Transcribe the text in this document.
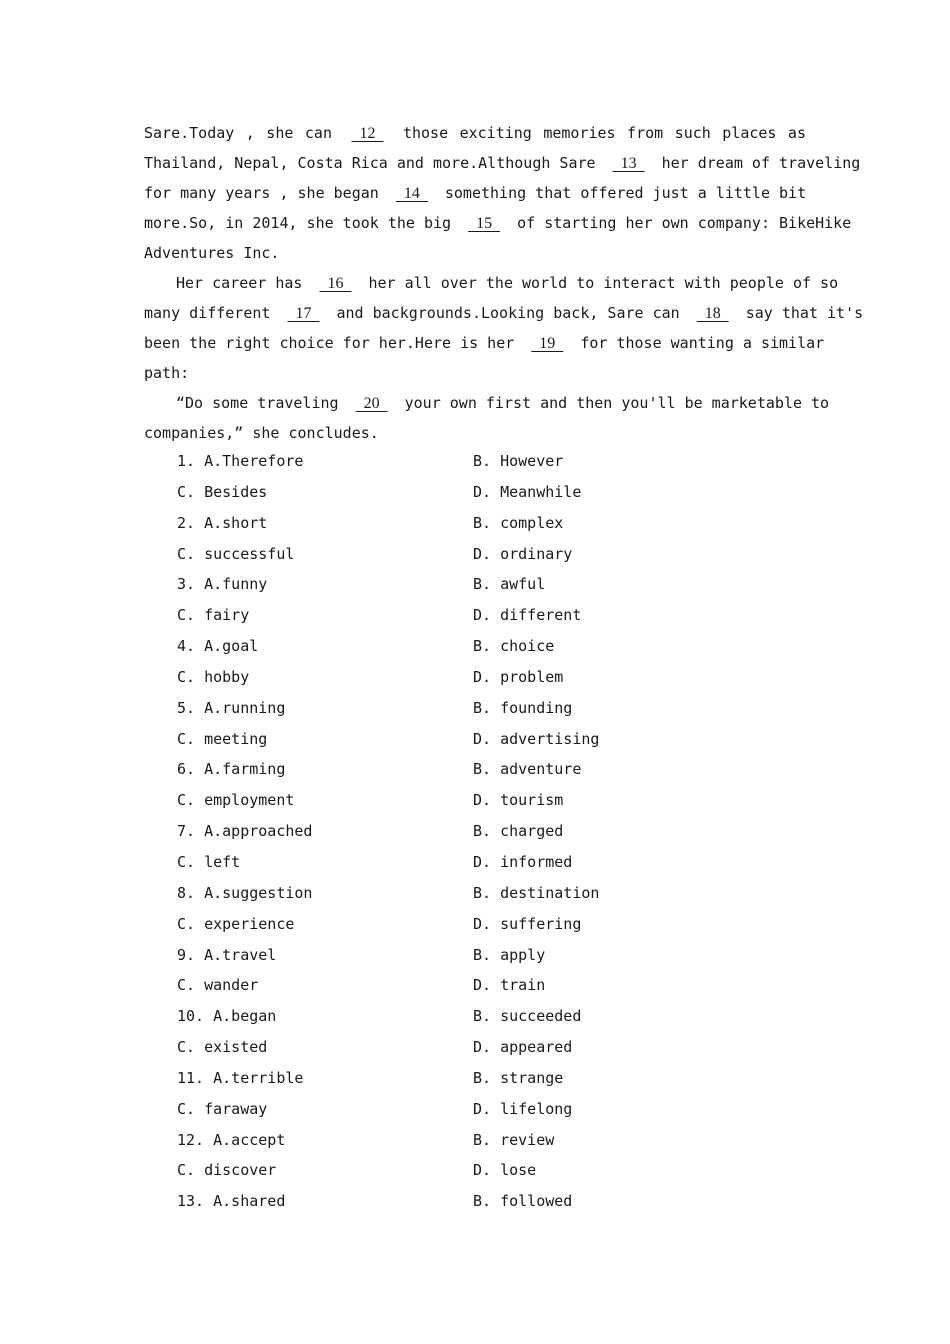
Sare.Today , she can   12   those exciting memories from such places as
Thailand, Nepal, Costa Rica and more.Although Sare   13   her dream of traveling
for many years , she began   14   something that offered just a little bit
more.So, in 2014, she took the big   15   of starting her own company: BikeHike
Adventures Inc.
Her career has   16   her all over the world to interact with people of so
many different   17   and backgrounds.Looking back, Sare can   18   say that it's
been the right choice for her.Here is her   19   for those wanting a similar
path:
“Do some traveling   20   your own first and then you'll be marketable to
companies,” she concludes.
1. A.Therefore	B. However
C. Besides	D. Meanwhile
2. A.short	B. complex
C. successful	D. ordinary
3. A.funny	B. awful
C. fairy	D. different
4. A.goal	B. choice
C. hobby	D. problem
5. A.running	B. founding
C. meeting	D. advertising
6. A.farming	B. adventure
C. employment	D. tourism
7. A.approached	B. charged
C. left	D. informed
8. A.suggestion	B. destination
C. experience	D. suffering
9. A.travel	B. apply
C. wander	D. train
10. A.began	B. succeeded
C. existed	D. appeared
11. A.terrible	B. strange
C. faraway	D. lifelong
12. A.accept	B. review
C. discover	D. lose
13. A.shared	B. followed
